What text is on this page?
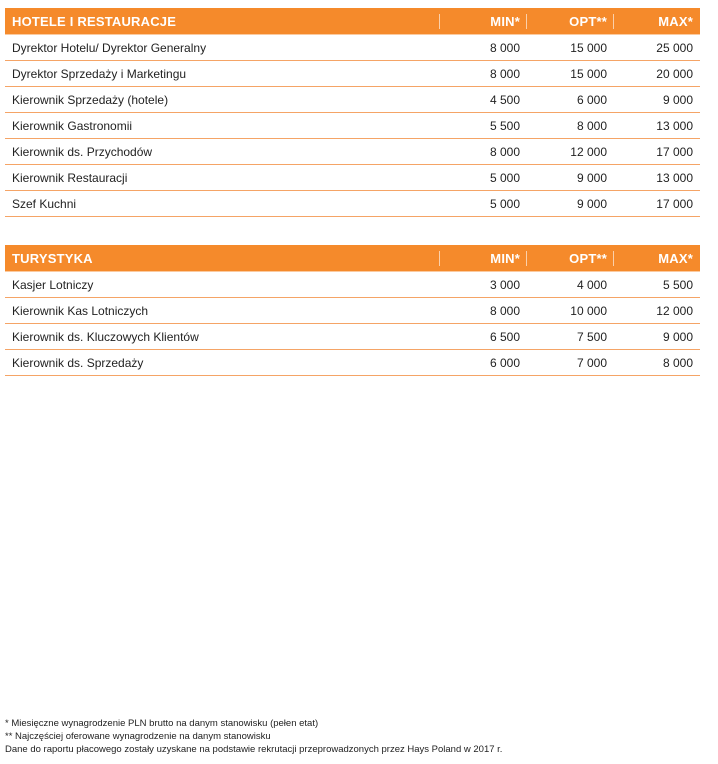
HOTELE I RESTAURACJE	MIN*	OPT**	MAX*
Dyrektor Hotelu/ Dyrektor Generalny	8 000	15 000	25 000
Dyrektor Sprzedaży i Marketingu	8 000	15 000	20 000
Kierownik Sprzedaży (hotele)	4 500	6 000	9 000
Kierownik Gastronomii	5 500	8 000	13 000
Kierownik ds. Przychodów	8 000	12 000	17 000
Kierownik Restauracji	5 000	9 000	13 000
Szef Kuchni	5 000	9 000	17 000
TURYSTYKA	MIN*	OPT**	MAX*
Kasjer Lotniczy	3 000	4 000	5 500
Kierownik Kas Lotniczych	8 000	10 000	12 000
Kierownik ds. Kluczowych Klientów	6 500	7 500	9 000
Kierownik ds. Sprzedaży	6 000	7 000	8 000
* Miesięczne wynagrodzenie PLN brutto na danym stanowisku (pełen etat)
** Najczęściej oferowane wynagrodzenie na danym stanowisku
Dane do raportu płacowego zostały uzyskane na podstawie rekrutacji przeprowadzonych przez Hays Poland w 2017 r.
